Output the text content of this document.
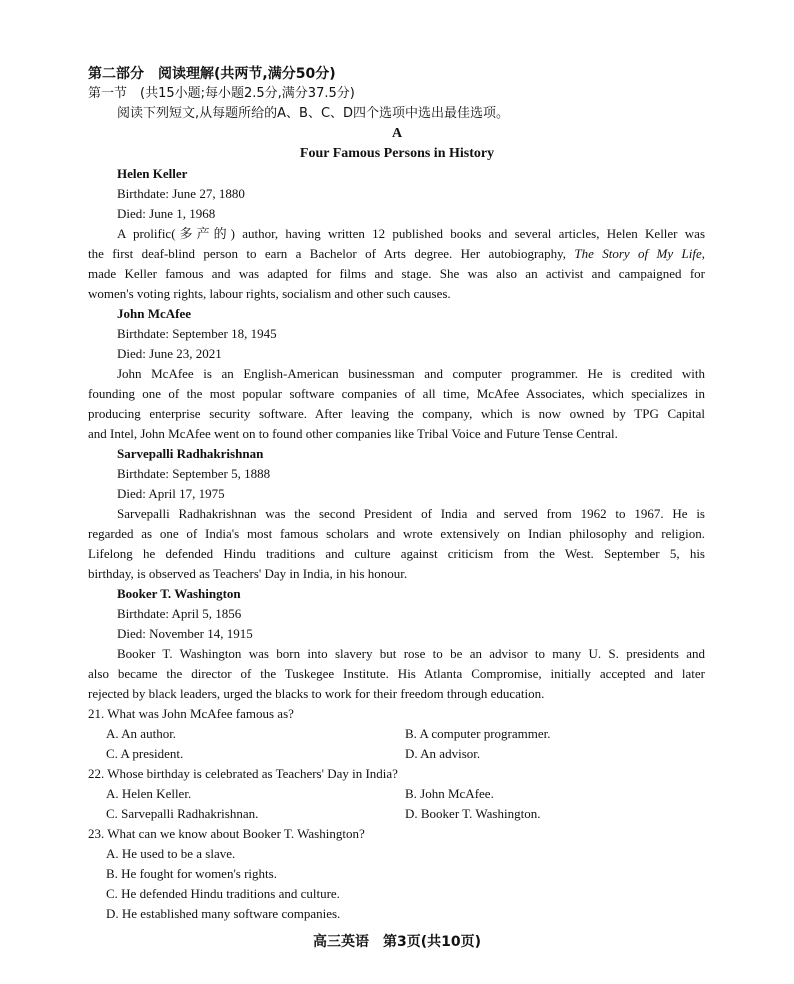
第二部分　阅读理解(共两节,满分50分)
第一节　(共15小题;每小题2.5分,满分37.5分)
阅读下列短文,从每题所给的A、B、C、D四个选项中选出最佳选项。
A
Four Famous Persons in History
Helen Keller
Birthdate: June 27, 1880
Died: June 1, 1968
A prolific(多产的) author, having written 12 published books and several articles, Helen Keller was
the first deaf-blind person to earn a Bachelor of Arts degree. Her autobiography, The Story of My Life,
made Keller famous and was adapted for films and stage. She was also an activist and campaigned for
women's voting rights, labour rights, socialism and other such causes.
John McAfee
Birthdate: September 18, 1945
Died: June 23, 2021
John McAfee is an English-American businessman and computer programmer. He is credited with
founding one of the most popular software companies of all time, McAfee Associates, which specializes in
producing enterprise security software. After leaving the company, which is now owned by TPG Capital
and Intel, John McAfee went on to found other companies like Tribal Voice and Future Tense Central.
Sarvepalli Radhakrishnan
Birthdate: September 5, 1888
Died: April 17, 1975
Sarvepalli Radhakrishnan was the second President of India and served from 1962 to 1967. He is
regarded as one of India's most famous scholars and wrote extensively on Indian philosophy and religion.
Lifelong he defended Hindu traditions and culture against criticism from the West. September 5, his
birthday, is observed as Teachers' Day in India, in his honour.
Booker T. Washington
Birthdate: April 5, 1856
Died: November 14, 1915
Booker T. Washington was born into slavery but rose to be an advisor to many U. S. presidents and
also became the director of the Tuskegee Institute. His Atlanta Compromise, initially accepted and later
rejected by black leaders, urged the blacks to work for their freedom through education.
21. What was John McAfee famous as?
A. An author.	B. A computer programmer.
C. A president.	D. An advisor.
22. Whose birthday is celebrated as Teachers' Day in India?
A. Helen Keller.	B. John McAfee.
C. Sarvepalli Radhakrishnan.	D. Booker T. Washington.
23. What can we know about Booker T. Washington?
A. He used to be a slave.
B. He fought for women's rights.
C. He defended Hindu traditions and culture.
D. He established many software companies.
高三英语　第3页(共10页)
